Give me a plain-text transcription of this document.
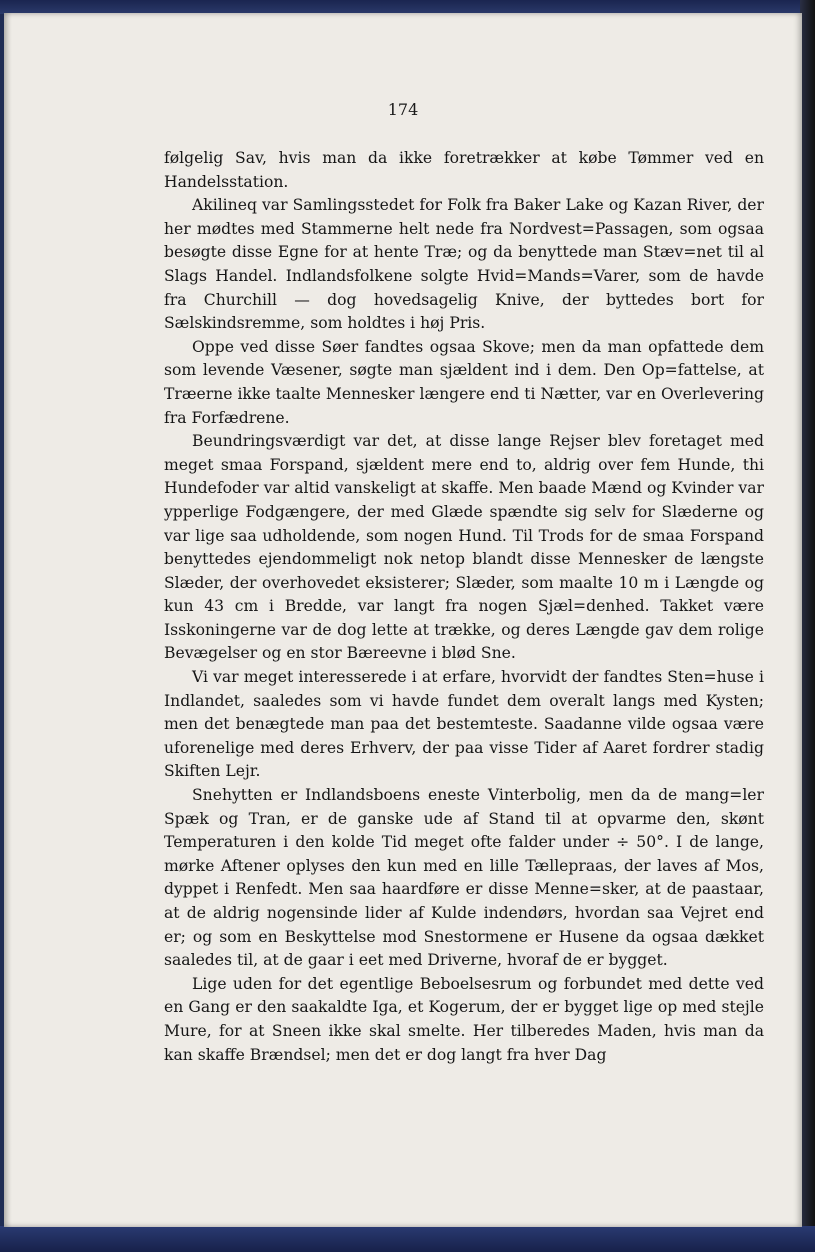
174

følgelig Sav, hvis man da ikke foretrækker at købe Tømmer ved en Handelsstation.

Akilineq var Samlingsstedet for Folk fra Baker Lake og Kazan River, der her mødtes med Stammerne helt nede fra Nordvest=Passagen, som ogsaa besøgte disse Egne for at hente Træ; og da benyttede man Stæv=net til al Slags Handel. Indlandsfolkene solgte Hvid=Mands=Varer, som de havde fra Churchill — dog hovedsagelig Knive, der byttedes bort for Sælskindsremme, som holdtes i høj Pris.

Oppe ved disse Søer fandtes ogsaa Skove; men da man opfattede dem som levende Væsener, søgte man sjældent ind i dem. Den Op=fattelse, at Træerne ikke taalte Mennesker længere end ti Nætter, var en Overlevering fra Forfædrene.

Beundringsværdigt var det, at disse lange Rejser blev foretaget med meget smaa Forspand, sjældent mere end to, aldrig over fem Hunde, thi Hundefoder var altid vanskeligt at skaffe. Men baade Mænd og Kvinder var ypperlige Fodgængere, der med Glæde spændte sig selv for Slæderne og var lige saa udholdende, som nogen Hund. Til Trods for de smaa Forspand benyttedes ejendommeligt nok netop blandt disse Mennesker de længste Slæder, der overhovedet eksisterer; Slæder, som maalte 10 m i Længde og kun 43 cm i Bredde, var langt fra nogen Sjæl=denhed. Takket være Isskoningerne var de dog lette at trække, og deres Længde gav dem rolige Bevægelser og en stor Bæreevne i blød Sne.

Vi var meget interesserede i at erfare, hvorvidt der fandtes Sten=huse i Indlandet, saaledes som vi havde fundet dem overalt langs med Kysten; men det benægtede man paa det bestemteste. Saadanne vilde ogsaa være uforenelige med deres Erhverv, der paa visse Tider af Aaret fordrer stadig Skiften Lejr.

Snehytten er Indlandsboens eneste Vinterbolig, men da de mang=ler Spæk og Tran, er de ganske ude af Stand til at opvarme den, skønt Temperaturen i den kolde Tid meget ofte falder under ÷ 50°. I de lange, mørke Aftener oplyses den kun med en lille Tællepraas, der laves af Mos, dyppet i Renfedt. Men saa haardføre er disse Menne=sker, at de paastaar, at de aldrig nogensinde lider af Kulde indendørs, hvordan saa Vejret end er; og som en Beskyttelse mod Snestormene er Husene da ogsaa dækket saaledes til, at de gaar i eet med Driverne, hvoraf de er bygget.

Lige uden for det egentlige Beboelsesrum og forbundet med dette ved en Gang er den saakaldte Iga, et Kogerum, der er bygget lige op med stejle Mure, for at Sneen ikke skal smelte. Her tilberedes Maden, hvis man da kan skaffe Brændsel; men det er dog langt fra hver Dag
